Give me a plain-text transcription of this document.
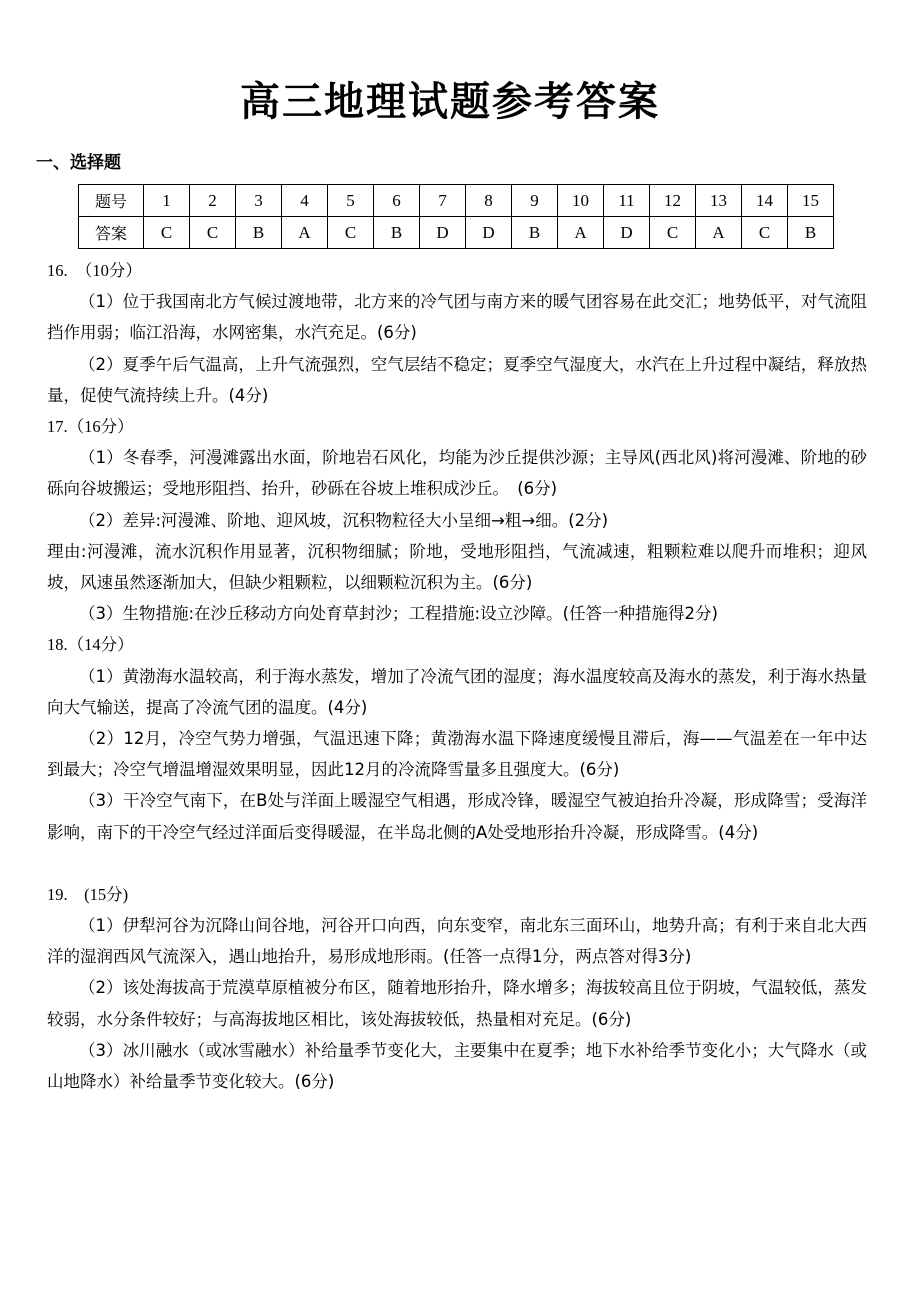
高三地理试题参考答案
一、选择题
题号	1	2	3	4	5	6	7	8	9	10	11	12	13	14	15
答案	C	C	B	A	C	B	D	D	B	A	D	C	A	C	B

16.　（10分）

（1）位于我国南北方气候过渡地带，北方来的冷气团与南方来的暖气团容易在此交汇；地势低平，对气流阻挡作用弱；临江沿海，水网密集，水汽充足。(6分)

（2）夏季午后气温高，上升气流强烈，空气层结不稳定；夏季空气湿度大，水汽在上升过程中凝结，释放热量，促使气流持续上升。(4分)

17.（16分）

（1）冬春季，河漫滩露出水面，阶地岩石风化，均能为沙丘提供沙源；主导风(西北风)将河漫滩、阶地的砂砾向谷坡搬运；受地形阻挡、抬升，砂砾在谷坡上堆积成沙丘。　(6分)

（2）差异:河漫滩、阶地、迎风坡，沉积物粒径大小呈细→粗→细。(2分)

理由:河漫滩，流水沉积作用显著，沉积物细腻；阶地，受地形阻挡，气流减速，粗颗粒难以爬升而堆积；迎风坡，风速虽然逐渐加大，但缺少粗颗粒，以细颗粒沉积为主。(6分)

（3）生物措施:在沙丘移动方向处育草封沙；工程措施:设立沙障。(任答一种措施得2分)

18.（14分）

（1）黄渤海水温较高，利于海水蒸发，增加了冷流气团的湿度；海水温度较高及海水的蒸发，利于海水热量向大气输送，提高了冷流气团的温度。(4分)

（2）12月，冷空气势力增强，气温迅速下降；黄渤海水温下降速度缓慢且滞后，海——气温差在一年中达到最大；冷空气增温增湿效果明显，因此12月的冷流降雪量多且强度大。(6分)

（3）干冷空气南下，在B处与洋面上暖湿空气相遇，形成冷锋，暖湿空气被迫抬升冷凝，形成降雪；受海洋影响，南下的干冷空气经过洋面后变得暖湿，在半岛北侧的A处受地形抬升冷凝，形成降雪。(4分)

19.　(15分)

（1）伊犁河谷为沉降山间谷地，河谷开口向西，向东变窄，南北东三面环山，地势升高；有利于来自北大西洋的湿润西风气流深入，遇山地抬升，易形成地形雨。(任答一点得1分，两点答对得3分)

（2）该处海拔高于荒漠草原植被分布区，随着地形抬升，降水增多；海拔较高且位于阴坡，气温较低，蒸发较弱，水分条件较好；与高海拔地区相比，该处海拔较低，热量相对充足。(6分)

（3）冰川融水（或冰雪融水）补给量季节变化大，主要集中在夏季；地下水补给季节变化小；大气降水（或山地降水）补给量季节变化较大。(6分)
